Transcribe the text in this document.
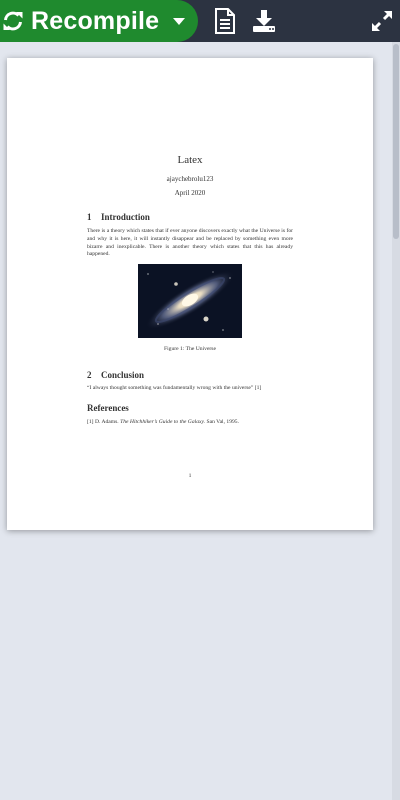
Recompile
Latex
ajaychebrolu123
April 2020
1 Introduction
There is a theory which states that if ever anyone discovers exactly what the Universe is for and why it is here, it will instantly disappear and be replaced by something even more bizarre and inexplicable. There is another theory which states that this has already happened.
Figure 1: The Universe
2 Conclusion
“I always thought something was fundamentally wrong with the universe” [1]
References
[1] D. Adams. The Hitchhiker’s Guide to the Galaxy. San Val, 1995.
1
